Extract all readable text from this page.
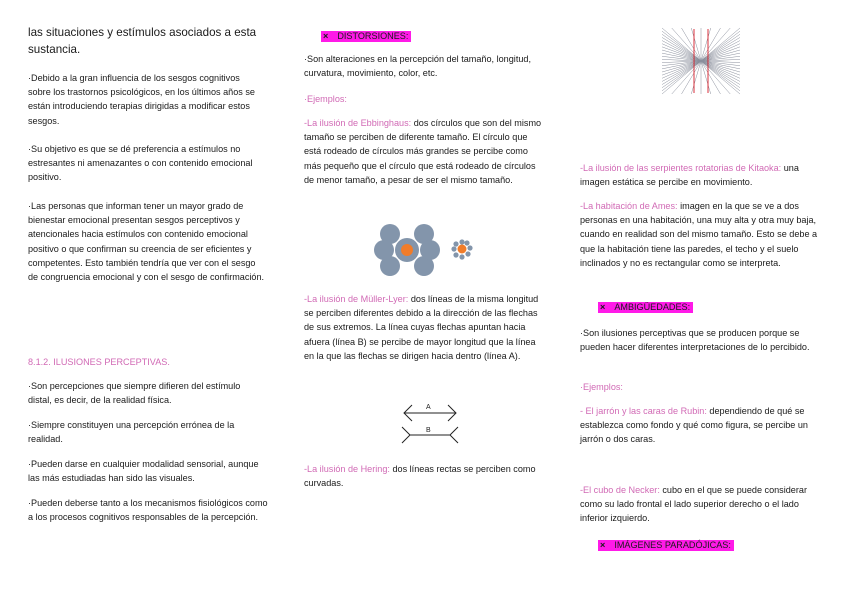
las situaciones y estímulos asociados a esta sustancia.

·Debido a la gran influencia de los sesgos cognitivos sobre los trastornos psicológicos, en los últimos años se están introduciendo terapias dirigidas a modificar estos sesgos.

·Su objetivo es que se dé preferencia a estímulos no estresantes ni amenazantes o con contenido emocional positivo.

·Las personas que informan tener un mayor grado de bienestar emocional presentan sesgos perceptivos y atencionales hacia estímulos con contenido emocional positivo o que confirman su creencia de ser eficientes y competentes. Esto también tendría que ver con el sesgo de congruencia emocional y con el sesgo de confirmación.

8.1.2. ILUSIONES PERCEPTIVAS.

·Son percepciones que siempre difieren del estímulo distal, es decir, de la realidad física.

·Siempre constituyen una percepción errónea de la realidad.

·Pueden darse en cualquier modalidad sensorial, aunque las más estudiadas han sido las visuales.

·Pueden deberse tanto a los mecanismos fisiológicos como a los procesos cognitivos responsables de la percepción.

× DISTORSIONES:

·Son alteraciones en la percepción del tamaño, longitud, curvatura, movimiento, color, etc.

·Ejemplos:

-La ilusión de Ebbinghaus: dos círculos que son del mismo tamaño se perciben de diferente tamaño. El círculo que está rodeado de círculos más grandes se percibe como más pequeño que el círculo que está rodeado de círculos de menor tamaño, a pesar de ser el mismo tamaño.

-La ilusión de Müller-Lyer: dos líneas de la misma longitud se perciben diferentes debido a la dirección de las flechas de sus extremos. La línea cuyas flechas apuntan hacia afuera (línea B) se percibe de mayor longitud que la línea en la que las flechas se dirigen hacia dentro (línea A).

A
B

-La ilusión de Hering: dos líneas rectas se perciben como curvadas.

-La ilusión de las serpientes rotatorias de Kitaoka: una imagen estática se percibe en movimiento.

-La habitación de Ames: imagen en la que se ve a dos personas en una habitación, una muy alta y otra muy baja, cuando en realidad son del mismo tamaño. Esto se debe a que la habitación tiene las paredes, el techo y el suelo inclinados y no es rectangular como se interpreta.

× AMBIGÜEDADES:

·Son ilusiones perceptivas que se producen porque se pueden hacer diferentes interpretaciones de lo percibido.

·Ejemplos:

- El jarrón y las caras de Rubin: dependiendo de qué se establezca como fondo y qué como figura, se percibe un jarrón o dos caras.

-El cubo de Necker: cubo en el que se puede considerar como su lado frontal el lado superior derecho o el lado inferior izquierdo.

× IMÁGENES PARADÓJICAS:
